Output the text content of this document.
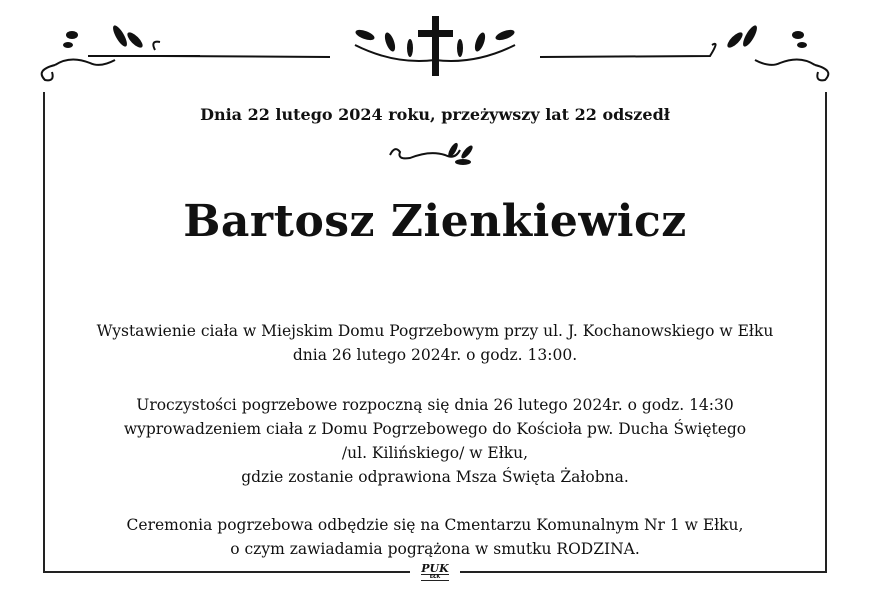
Dnia 22 lutego 2024 roku, przeżywszy lat 22 odszedł
Bartosz Zienkiewicz
Wystawienie ciała w Miejskim Domu Pogrzebowym przy ul. J. Kochanowskiego w Ełku
dnia 26 lutego 2024r. o godz. 13:00.
Uroczystości pogrzebowe rozpoczną się dnia 26 lutego 2024r. o godz. 14:30
wyprowadzeniem ciała z Domu Pogrzebowego do Kościoła pw. Ducha Świętego
/ul. Kilińskiego/ w Ełku,
gdzie zostanie odprawiona Msza Święta Żałobna.
Ceremonia pogrzebowa odbędzie się na Cmentarzu Komunalnym Nr 1 w Ełku,
o czym zawiadamia pogrążona w smutku RODZINA.
PUK
EŁK
